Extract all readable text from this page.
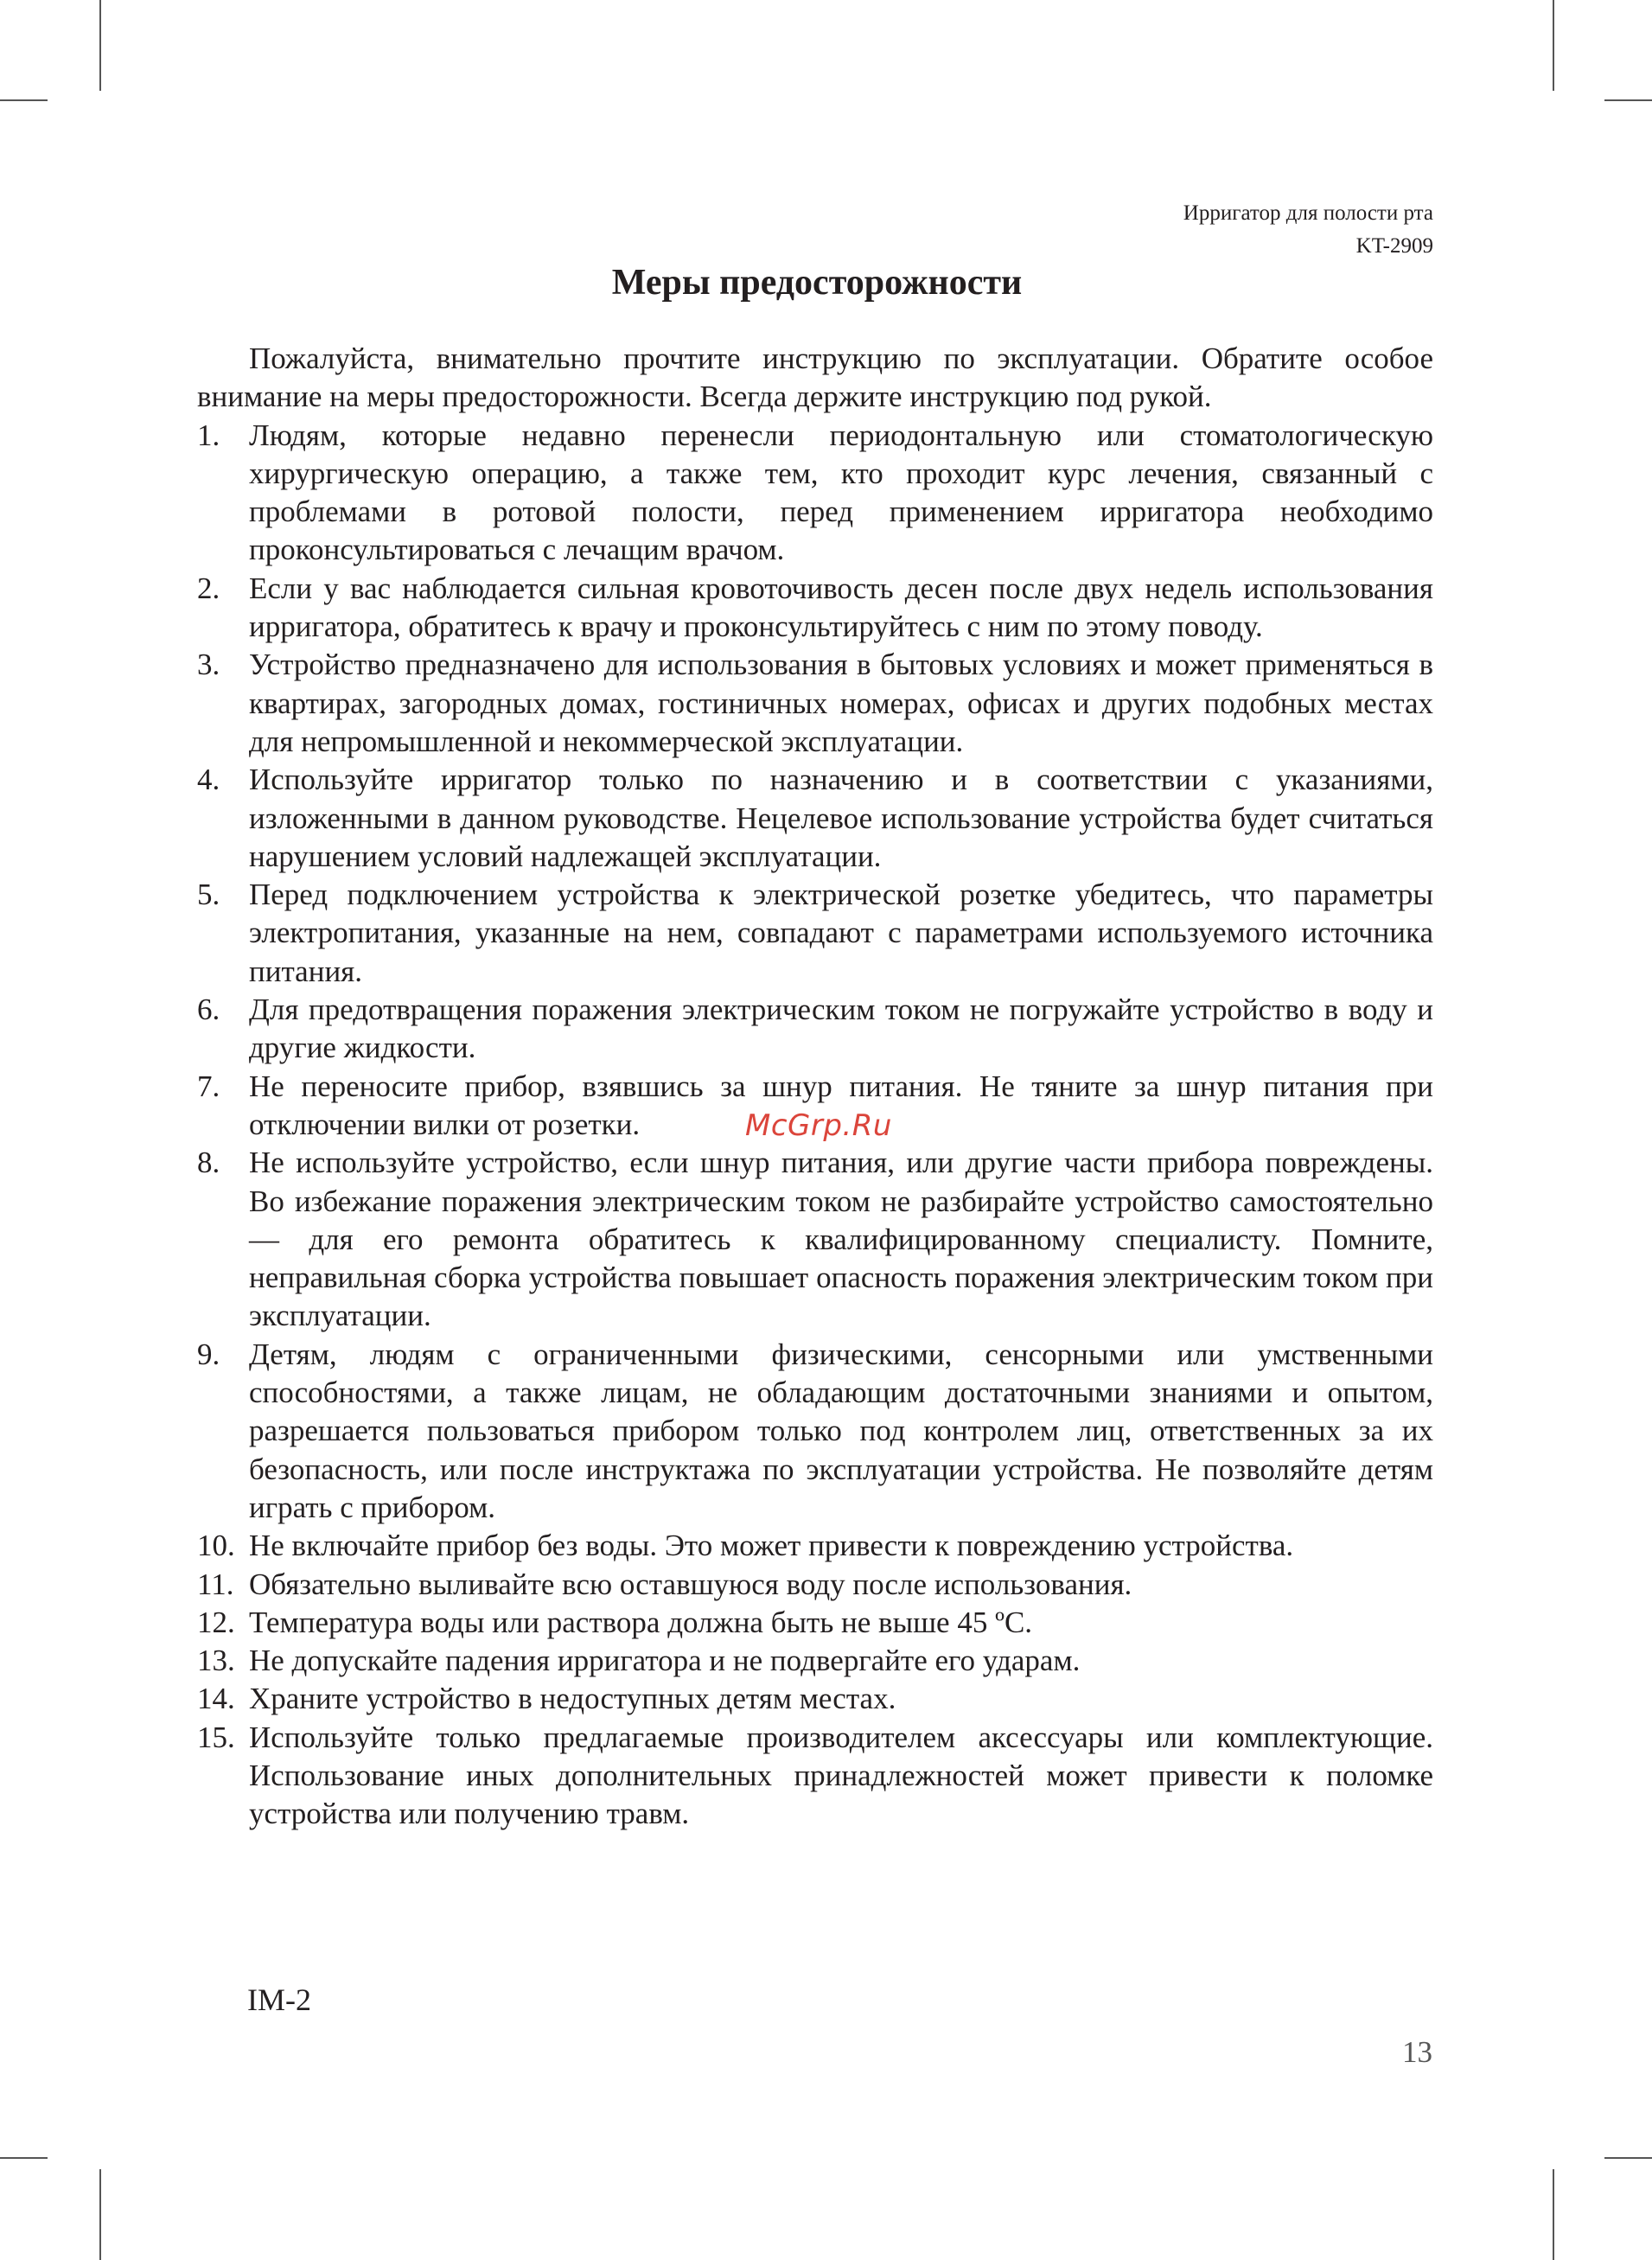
Ирригатор для полости рта
KT-2909
Меры предосторожности

Пожалуйста, внимательно прочтите инструкцию по эксплуатации. Обратите особое внимание на меры предосторожности. Всегда держите инструкцию под рукой.

1. Людям, которые недавно перенесли периодонтальную или стоматологическую хирургическую операцию, а также тем, кто проходит курс лечения, связанный с проблемами в ротовой полости, перед применением ирригатора необходимо проконсультироваться с лечащим врачом.
2. Если у вас наблюдается сильная кровоточивость десен после двух недель использования ирригатора, обратитесь к врачу и проконсультируйтесь с ним по этому поводу.
3. Устройство предназначено для использования в бытовых условиях и может применяться в квартирах, загородных домах, гостиничных номерах, офисах и других подобных местах для непромышленной и некоммерческой эксплуатации.
4. Используйте ирригатор только по назначению и в соответствии с указаниями, изложенными в данном руководстве. Нецелевое использование устройства будет считаться нарушением условий надлежащей эксплуатации.
5. Перед подключением устройства к электрической розетке убедитесь, что параметры электропитания, указанные на нем, совпадают с параметрами используемого источника питания.
6. Для предотвращения поражения электрическим током не погружайте устройство в воду и другие жидкости.
7. Не переносите прибор, взявшись за шнур питания. Не тяните за шнур питания при отключении вилки от розетки.
8. Не используйте устройство, если шнур питания, или другие части прибора повреждены. Во избежание поражения электрическим током не разбирайте устройство самостоятельно — для его ремонта обратитесь к квалифицированному специалисту. Помните, неправильная сборка устройства повышает опасность поражения электрическим током при эксплуатации.
9. Детям, людям с ограниченными физическими, сенсорными или умственными способностями, а также лицам, не обладающим достаточными знаниями и опытом, разрешается пользоваться прибором только под контролем лиц, ответственных за их безопасность, или после инструктажа по эксплуатации устройства. Не позволяйте детям играть с прибором.
10. Не включайте прибор без воды. Это может привести к повреждению устройства.
11. Обязательно выливайте всю оставшуюся воду после использования.
12. Температура воды или раствора должна быть не выше 45 ºС.
13. Не допускайте падения ирригатора и не подвергайте его ударам.
14. Храните устройство в недоступных детям местах.
15. Используйте только предлагаемые производителем аксессуары или комплектующие. Использование иных дополнительных принадлежностей может привести к поломке устройства или получению травм.
McGrp.Ru
IM-2
13
